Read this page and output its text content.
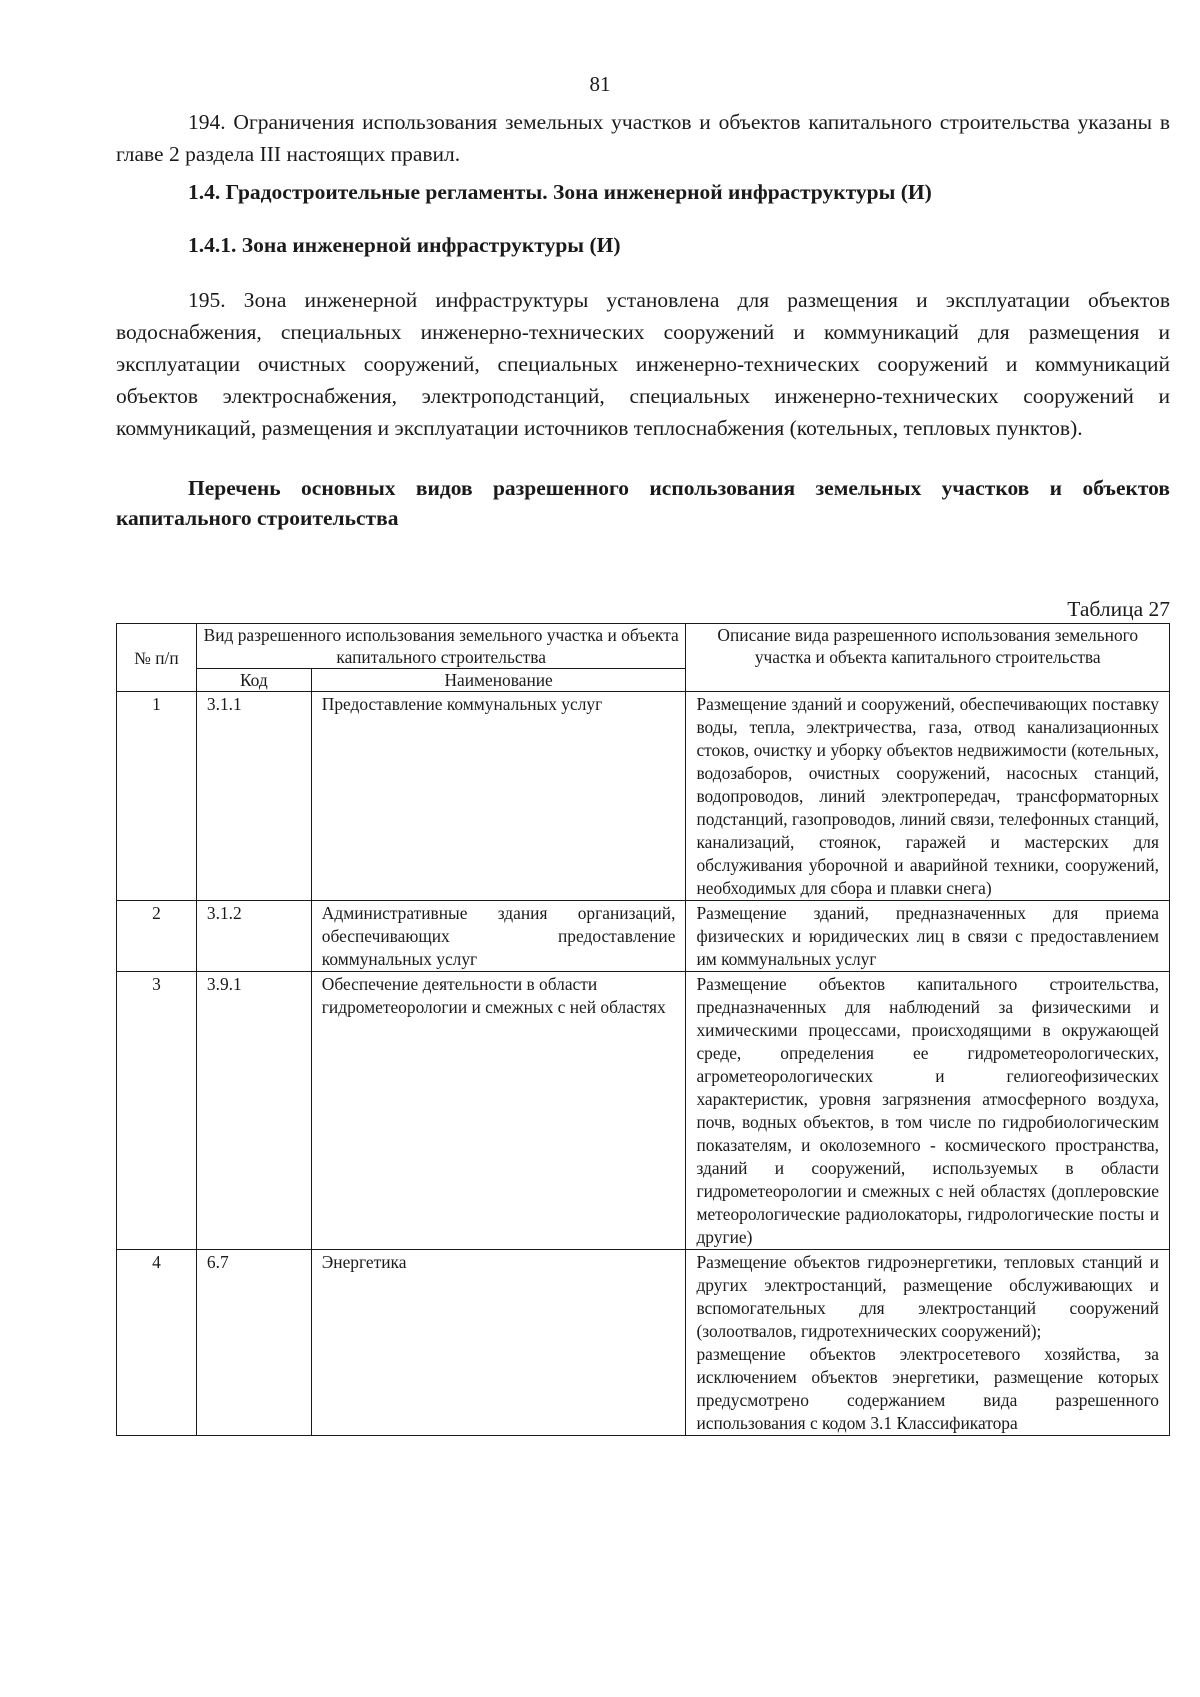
81

194. Ограничения использования земельных участков и объектов капитального строительства указаны в главе 2 раздела III настоящих правил.

1.4. Градостроительные регламенты. Зона инженерной инфраструктуры (И)

1.4.1. Зона инженерной инфраструктуры (И)

195. Зона инженерной инфраструктуры установлена для размещения и эксплуатации объектов водоснабжения, специальных инженерно-технических сооружений и коммуникаций для размещения и эксплуатации очистных сооружений, специальных инженерно-технических сооружений и коммуникаций объектов электроснабжения, электроподстанций, специальных инженерно-технических сооружений и коммуникаций, размещения и эксплуатации источников теплоснабжения (котельных, тепловых пунктов).

Перечень основных видов разрешенного использования земельных участков и объектов капитального строительства

Таблица 27
№ п/п	Вид разрешенного использования земельного участка и объекта капитального строительства		Описание вида разрешенного использования земельного участка и объекта капитального строительства
	Код	Наименование	
1	3.1.1	Предоставление коммунальных услуг	Размещение зданий и сооружений, обеспечивающих поставку воды, тепла, электричества, газа, отвод канализационных стоков, очистку и уборку объектов недвижимости (котельных, водозаборов, очистных сооружений, насосных станций, водопроводов, линий электропередач, трансформаторных подстанций, газопроводов, линий связи, телефонных станций, канализаций, стоянок, гаражей и мастерских для обслуживания уборочной и аварийной техники, сооружений, необходимых для сбора и плавки снега)
2	3.1.2	Административные здания организаций, обеспечивающих предоставление коммунальных услуг	Размещение зданий, предназначенных для приема физических и юридических лиц в связи с предоставлением им коммунальных услуг
3	3.9.1	Обеспечение деятельности в области гидрометеорологии и смежных с ней областях	Размещение объектов капитального строительства, предназначенных для наблюдений за физическими и химическими процессами, происходящими в окружающей среде, определения ее гидрометеорологических, агрометеорологических и гелиогеофизических характеристик, уровня загрязнения атмосферного воздуха, почв, водных объектов, в том числе по гидробиологическим показателям, и околоземного - космического пространства, зданий и сооружений, используемых в области гидрометеорологии и смежных с ней областях (доплеровские метеорологические радиолокаторы, гидрологические посты и другие)
4	6.7	Энергетика	Размещение объектов гидроэнергетики, тепловых станций и других электростанций, размещение обслуживающих и вспомогательных для электростанций сооружений (золоотвалов, гидротехнических сооружений);
размещение объектов электросетевого хозяйства, за исключением объектов энергетики, размещение которых предусмотрено содержанием вида разрешенного использования с кодом 3.1 Классификатора
